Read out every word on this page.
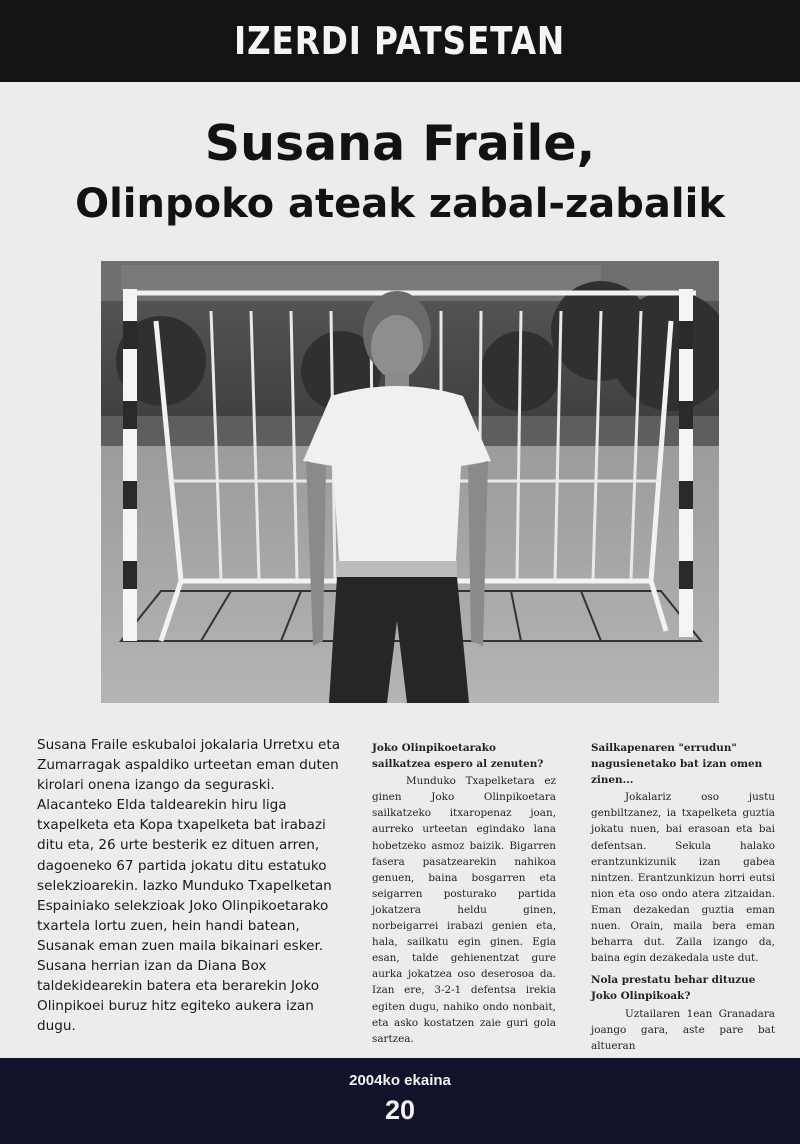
IZERDI PATSETAN
Susana Fraile,
Olinpoko ateak zabal-zabalik
Susana Fraile eskubaloi jokalaria Urretxu eta Zumarragak aspaldiko urteetan eman duten kirolari onena izango da seguraski. Alacanteko Elda taldearekin hiru liga txapelketa eta Kopa txapelketa bat irabazi ditu eta, 26 urte besterik ez dituen arren, dagoeneko 67 partida jokatu ditu estatuko selekzioarekin. Iazko Munduko Txapelketan Espainiako selekzioak Joko Olinpikoetarako txartela lortu zuen, hein handi batean, Susanak eman zuen maila bikainari esker. Susana herrian izan da Diana Box taldekidearekin batera eta berarekin Joko Olinpikoei buruz hitz egiteko aukera izan dugu.

Joko Olinpikoetarako sailkatzea espero al zenuten?

Munduko Txapelketara ez ginen Joko Olinpikoetara sailkatzeko itxaropenaz joan, aurreko urteetan egindako lana hobetzeko asmoz baizik. Bigarren fasera pasatzearekin nahikoa genuen, baina bosgarren eta seigarren posturako partida jokatzera heldu ginen, norbeigarrei irabazi genien eta, hala, sailkatu egin ginen. Egia esan, talde gehienentzat gure aurka jokatzea oso deserosoa da. Izan ere, 3-2-1 defentsa irekia egiten dugu, nahiko ondo nonbait, eta asko kostatzen zaie guri gola sartzea.

Sailkapenaren "errudun" nagusienetako bat izan omen zinen...

Jokalariz oso justu genbiltzanez, ia txapelketa guztia jokatu nuen, bai erasoan eta bai defentsan. Sekula halako erantzunkizunik izan gabea nintzen. Erantzunkizun horri eutsi nion eta oso ondo atera zitzaidan. Eman dezakedan guztia eman nuen. Orain, maila bera eman beharra dut. Zaila izango da, baina egin dezakedala uste dut.

Nola prestatu behar dituzue Joko Olinpikoak?

Uztailaren 1ean Granadara joango gara, aste pare bat altueran

2004ko ekaina
20
